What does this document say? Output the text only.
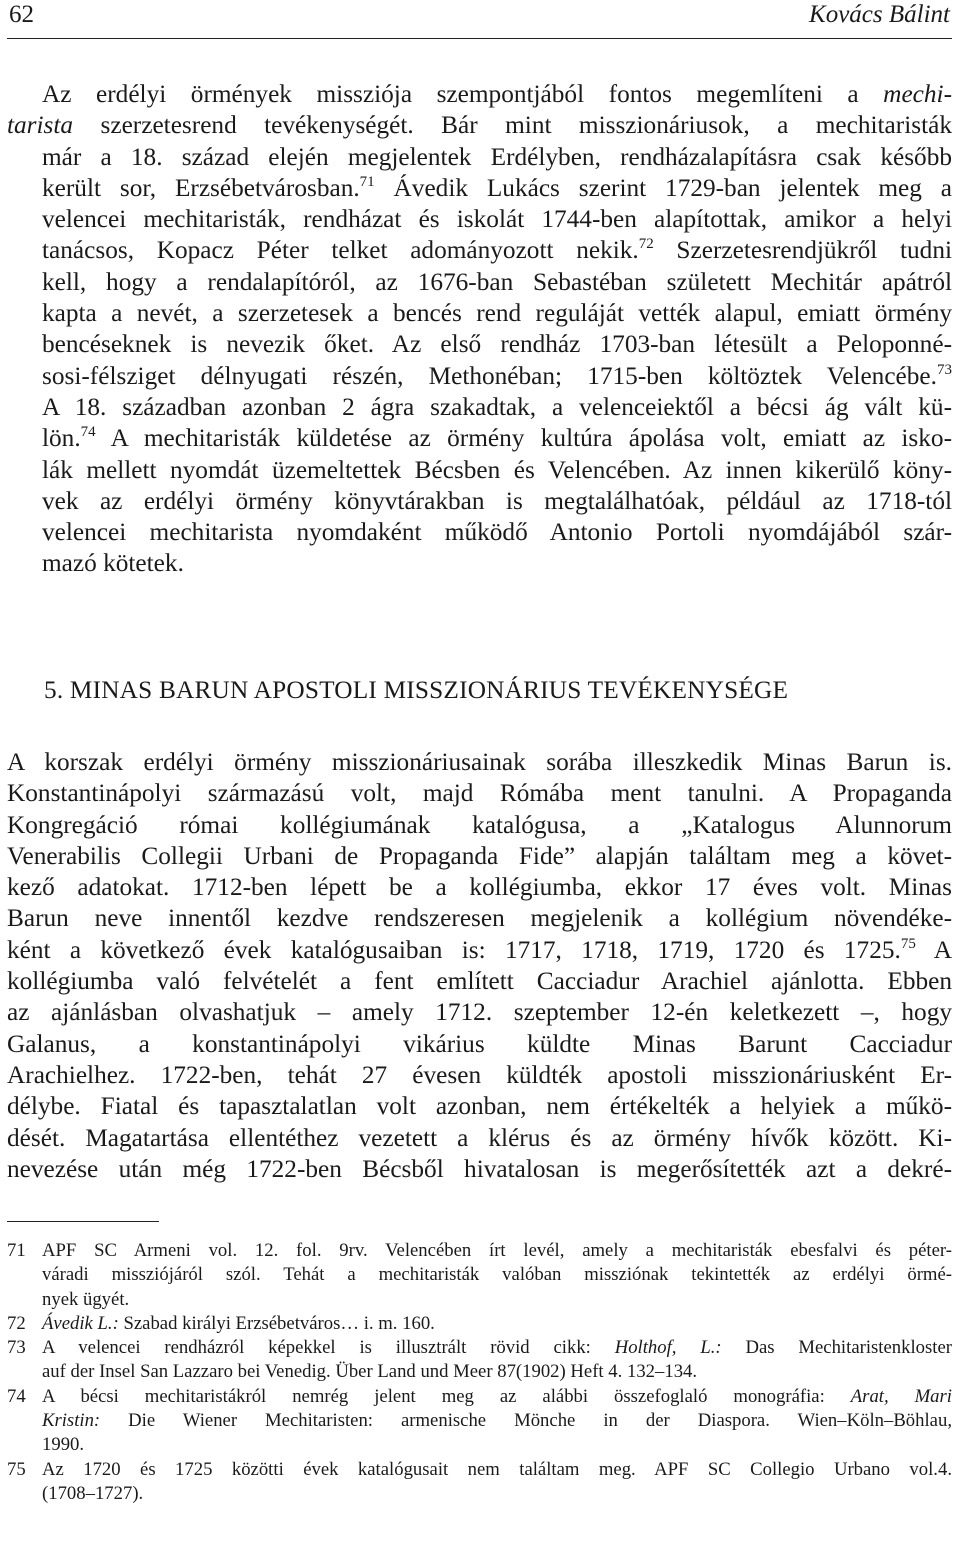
62	Kovács Bálint
Az erdélyi örmények missziója szempontjából fontos megemlíteni a mechi-
tarista szerzetesrend tevékenységét. Bár mint misszionáriusok, a mechitaristák
már a 18. század elején megjelentek Erdélyben, rendházalapításra csak később
került sor, Erzsébetvárosban.$^{71}$ Ávedik Lukács szerint 1729-ban jelentek meg a
velencei mechitaristák, rendházat és iskolát 1744-ben alapítottak, amikor a helyi
tanácsos, Kopacz Péter telket adományozott nekik.$^{72}$ Szerzetesrendjükről tudni
kell, hogy a rendalapítóról, az 1676-ban Sebastéban született Mechitár apátról
kapta a nevét, a szerzetesek a bencés rend reguláját vették alapul, emiatt örmény
bencéseknek is nevezik őket. Az első rendház 1703-ban létesült a Peloponné-
sosi-félsziget délnyugati részén, Methonéban; 1715-ben költöztek Velencébe.$^{73}$
A 18. században azonban 2 ágra szakadtak, a velenceiektől a bécsi ág vált kü-
lön.$^{74}$ A mechitaristák küldetése az örmény kultúra ápolása volt, emiatt az isko-
lák mellett nyomdát üzemeltettek Bécsben és Velencében. Az innen kikerülő köny-
vek az erdélyi örmény könyvtárakban is megtalálhatóak, például az 1718-tól
velencei mechitarista nyomdaként működő Antonio Portoli nyomdájából szár-
mazó kötetek.
5. MINAS BARUN APOSTOLI MISSZIONÁRIUS TEVÉKENYSÉGE
A korszak erdélyi örmény misszionáriusainak sorába illeszkedik Minas Barun is.
Konstantinápolyi származású volt, majd Rómába ment tanulni. A Propaganda
Kongregáció római kollégiumának katalógusa, a „Katalogus Alunnorum
Venerabilis Collegii Urbani de Propaganda Fide” alapján találtam meg a követ-
kező adatokat. 1712-ben lépett be a kollégiumba, ekkor 17 éves volt. Minas
Barun neve innentől kezdve rendszeresen megjelenik a kollégium növendéke-
ként a következő évek katalógusaiban is: 1717, 1718, 1719, 1720 és 1725.75 A
kollégiumba való felvételét a fent említett Cacciadur Arachiel ajánlotta. Ebben
az ajánlásban olvashatjuk – amely 1712. szeptember 12-én keletkezett –, hogy
Galanus, a konstantinápolyi vikárius küldte Minas Barunt Cacciadur
Arachielhez. 1722-ben, tehát 27 évesen küldték apostoli misszionáriusként Er-
délybe. Fiatal és tapasztalatlan volt azonban, nem értékelték a helyiek a műkö-
dését. Magatartása ellentéthez vezetett a klérus és az örmény hívők között. Ki-
nevezése után még 1722-ben Bécsből hivatalosan is megerősítették azt a dekré-
71 APF SC Armeni vol. 12. fol. 9rv. Velencében írt levél, amely a mechitaristák ebesfalvi és péter-
váradi missziójáról szól. Tehát a mechitaristák valóban missziónak tekintették az erdélyi örmé-
nyek ügyét.
72 Ávedik L.: Szabad királyi Erzsébetváros… i. m. 160.
73 A velencei rendházról képekkel is illusztrált rövid cikk: Holthof, L.: Das Mechitaristenkloster
auf der Insel San Lazzaro bei Venedig. Über Land und Meer 87(1902) Heft 4. 132–134.
74 A bécsi mechitaristákról nemrég jelent meg az alábbi összefoglaló monográfia: Arat, Mari
Kristin: Die Wiener Mechitaristen: armenische Mönche in der Diaspora. Wien–Köln–Böhlau,
1990.
75 Az 1720 és 1725 közötti évek katalógusait nem találtam meg. APF SC Collegio Urbano vol.4.
(1708–1727).
